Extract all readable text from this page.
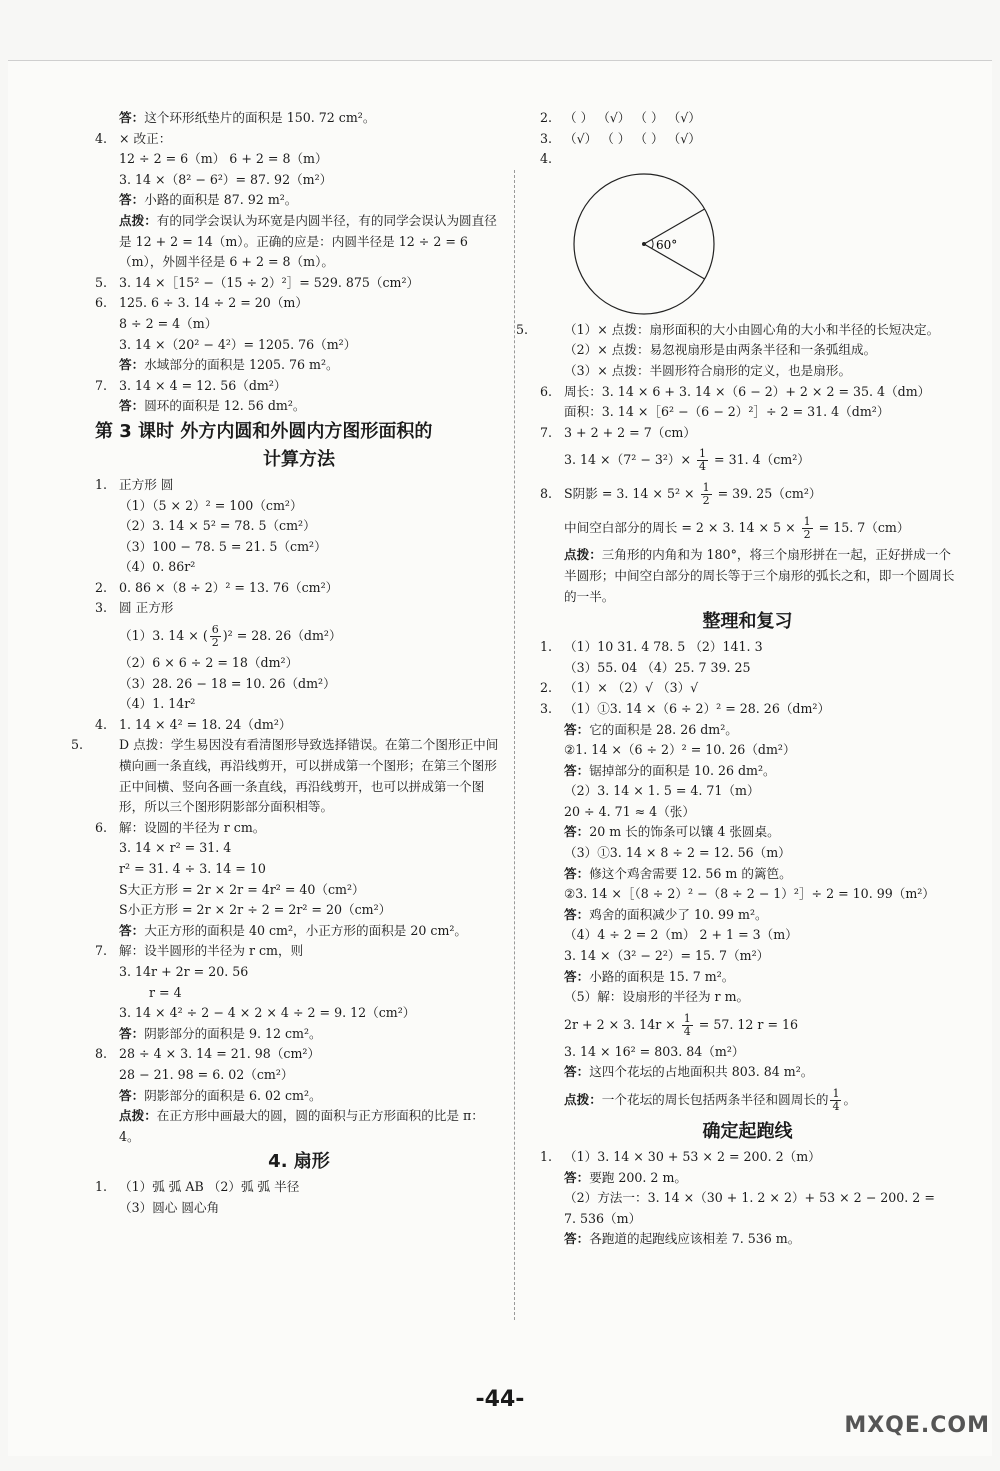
答：这个环形纸垫片的面积是 150. 72 cm²。
4. × 改正：
12 ÷ 2 = 6（m） 6 + 2 = 8（m）
3. 14 ×（8² − 6²）= 87. 92（m²）
答：小路的面积是 87. 92 m²。
点拨：有的同学会误认为环宽是内圆半径，有的同学会误认为圆直径是 12 + 2 = 14（m）。正确的应是：内圆半径是 12 ÷ 2 = 6（m），外圆半径是 6 + 2 = 8（m）。
5. 3. 14 ×［15² −（15 ÷ 2）²］= 529. 875（cm²）
6. 125. 6 ÷ 3. 14 ÷ 2 = 20（m）
8 ÷ 2 = 4（m）
3. 14 ×（20² − 4²）= 1205. 76（m²）
答：水域部分的面积是 1205. 76 m²。
7. 3. 14 × 4 = 12. 56（dm²）
答：圆环的面积是 12. 56 dm²。
第 3 课时 外方内圆和外圆内方图形面积的
计算方法
1. 正方形 圆
（1）（5 × 2）² = 100（cm²）
（2）3. 14 × 5² = 78. 5（cm²）
（3）100 − 78. 5 = 21. 5（cm²）
（4）0. 86r²
2. 0. 86 ×（8 ÷ 2）² = 13. 76（cm²）
3. 圆 正方形
（1）3. 14 × ( $\frac{6}{2} )^2 = 28$. 26（dm²）
（2）6 × 6 ÷ 2 = 18（dm²）
（3）28. 26 − 18 = 10. 26（dm²）
（4）1. 14r²
4. 1. 14 × 4² = 18. 24（dm²）
5.	D 点拨：学生易因没有看清图形导致选择错误。在第二个图形正中间横向画一条直线，再沿线剪开，可以拼成第一个图形；在第三个图形正中间横、竖向各画一条直线，再沿线剪开，也可以拼成第一个图形，所以三个图形阴影部分面积相等。
6. 解：设圆的半径为 r cm。
3. 14 × r² = 31. 4
r² = 31. 4 ÷ 3. 14 = 10
S大正方形 = 2r × 2r = 4r² = 40（cm²）
S小正方形 = 2r × 2r ÷ 2 = 2r² = 20（cm²）
答：大正方形的面积是 40 cm²，小正方形的面积是 20 cm²。
7. 解：设半圆形的半径为 r cm，则
3. 14r + 2r = 20. 56
r = 4
3. 14 × 4² ÷ 2 − 4 × 2 × 4 ÷ 2 = 9. 12（cm²）
答：阴影部分的面积是 9. 12 cm²。
8. 28 ÷ 4 × 3. 14 = 21. 98（cm²）
28 − 21. 98 = 6. 02（cm²）
答：阴影部分的面积是 6. 02 cm²。
点拨：在正方形中画最大的圆，圆的面积与正方形面积的比是 π：4。
4. 扇形
1. （1）弧 弧 AB （2）弧 弧 半径
（3）圆心 圆心角
2. （ ） （√） （ ） （√）
3. （√） （ ） （ ） （√）
4.
60°
5.	（1）× 点拨：扇形面积的大小由圆心角的大小和半径的长短决定。
（2）× 点拨：易忽视扇形是由两条半径和一条弧组成。
（3）× 点拨：半圆形符合扇形的定义，也是扇形。
6. 周长：3. 14 × 6 + 3. 14 ×（6 − 2）+ 2 × 2 = 35. 4（dm）
面积：3. 14 ×［6² −（6 − 2）²］÷ 2 = 31. 4（dm²）
7. 3 + 2 + 2 = 7（cm）
3. $14 \times(7^2 - 3^2)\times \frac{1}{4} = 31$. 4（cm²）
8. S阴影 = 3. $14 \times 5^2 \times \frac{1}{2} = 39$. 25（cm²）
中间空白部分的周长 = 2 × 3. $14 \times 5 \times \frac{1}{2} = 15$. 7（cm）
点拨：三角形的内角和为 180°，将三个扇形拼在一起，正好拼成一个半圆形；中间空白部分的周长等于三个扇形的弧长之和，即一个圆周长的一半。
整理和复习
1. （1）10 31. 4 78. 5 （2）141. 3
（3）55. 04 （4）25. 7 39. 25
2. （1）× （2）√ （3）√
3. （1）①3. 14 ×（6 ÷ 2）² = 28. 26（dm²）
答：它的面积是 28. 26 dm²。
②1. 14 ×（6 ÷ 2）² = 10. 26（dm²）
答：锯掉部分的面积是 10. 26 dm²。
（2）3. 14 × 1. 5 = 4. 71（m）
20 ÷ 4. 71 ≈ 4（张）
答：20 m 长的饰条可以镶 4 张圆桌。
（3）①3. 14 × 8 ÷ 2 = 12. 56（m）
答：修这个鸡舍需要 12. 56 m 的篱笆。
②3. 14 ×［（8 ÷ 2）² −（8 ÷ 2 − 1）²］÷ 2 = 10. 99（m²）
答：鸡舍的面积减少了 10. 99 m²。
（4）4 ÷ 2 = 2（m） 2 + 1 = 3（m）
3. 14 ×（3² − 2²）= 15. 7（m²）
答：小路的面积是 15. 7 m²。
（5）解：设扇形的半径为 r m。
2r + 2 × 3. $14r \times \frac{1}{4} = 57$. 12 r = 16
3. 14 × 16² = 803. 84（m²）
答：这四个花坛的占地面积共 803. 84 m²。
点拨：一个花坛的周长包括两条半径和圆周长的 $\frac{1}{4}$ 。
确定起跑线
1. （1）3. 14 × 30 + 53 × 2 = 200. 2（m）
答：要跑 200. 2 m。
（2）方法一：3. 14 ×（30 + 1. 2 × 2）+ 53 × 2 − 200. 2 =
7. 536（m）
答：各跑道的起跑线应该相差 7. 536 m。
-44-
MXQE.COM
